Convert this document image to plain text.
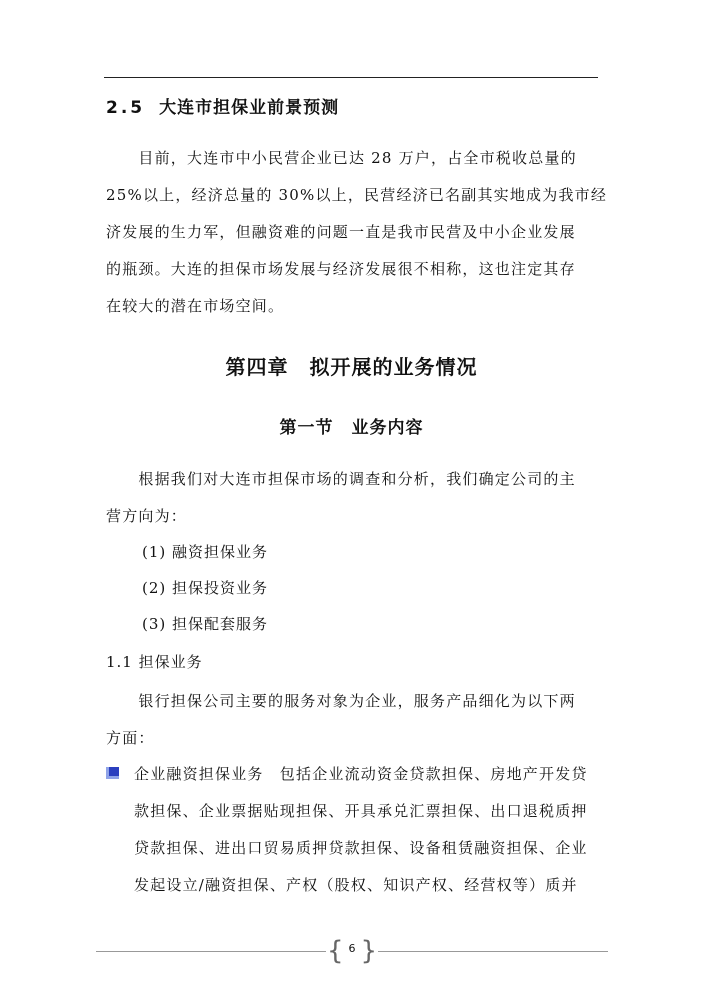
2.5 大连市担保业前景预测
　　目前，大连市中小民营企业已达 28 万户，占全市税收总量的
25%以上，经济总量的 30%以上，民营经济已名副其实地成为我市经
济发展的生力军，但融资难的问题一直是我市民营及中小企业发展
的瓶颈。大连的担保市场发展与经济发展很不相称，这也注定其存
在较大的潜在市场空间。
第四章　拟开展的业务情况
第一节　业务内容
　　根据我们对大连市担保市场的调查和分析，我们确定公司的主
营方向为：
(1) 融资担保业务
(2) 担保投资业务
(3) 担保配套服务
1.1 担保业务
　　银行担保公司主要的服务对象为企业，服务产品细化为以下两
方面：
企业融资担保业务　包括企业流动资金贷款担保、房地产开发贷
款担保、企业票据贴现担保、开具承兑汇票担保、出口退税质押
贷款担保、进出口贸易质押贷款担保、设备租赁融资担保、企业
发起设立/融资担保、产权（股权、知识产权、经营权等）质并
{ 6 }
